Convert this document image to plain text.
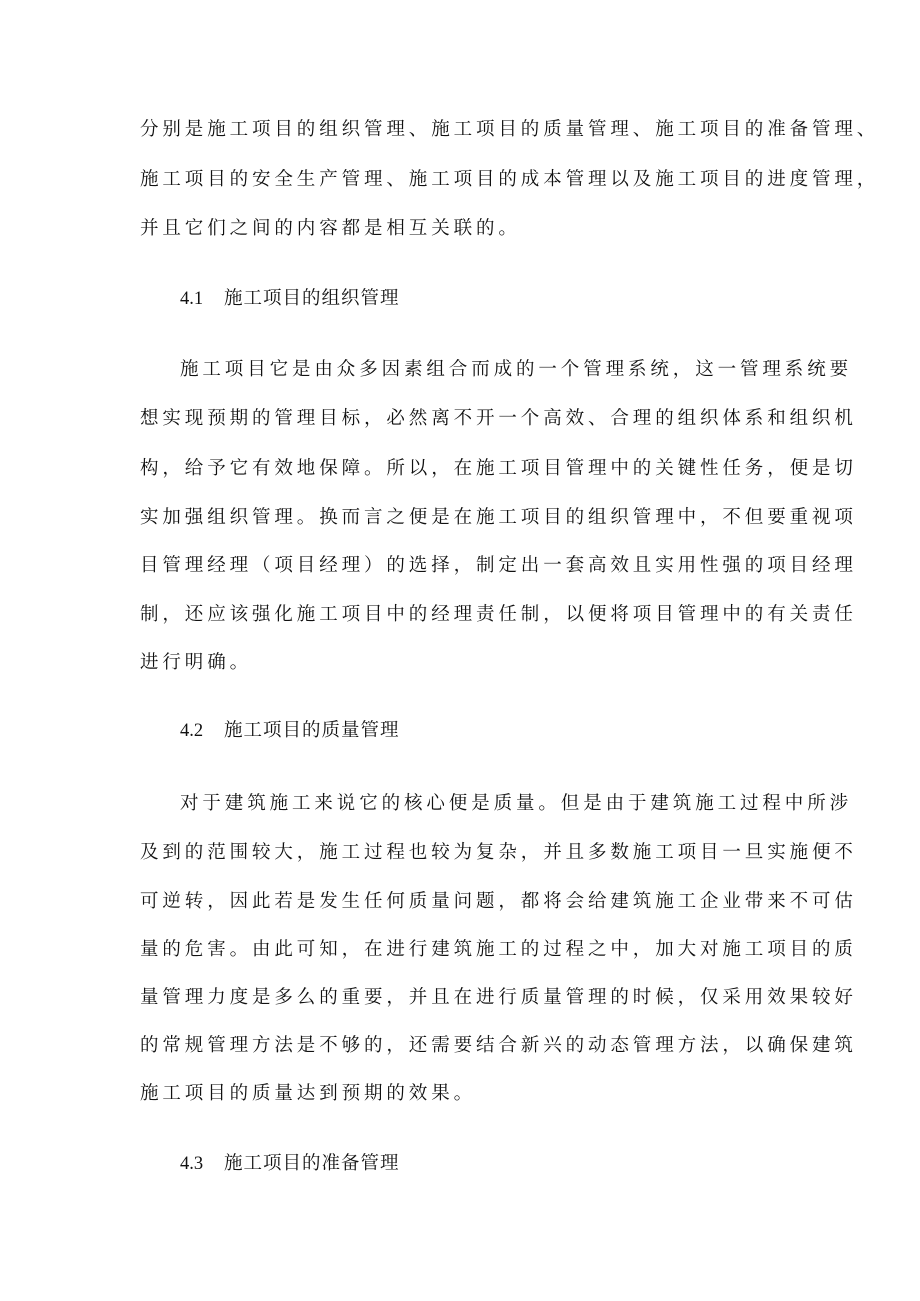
分别是施工项目的组织管理、施工项目的质量管理、施工项目的准备管理、
施工项目的安全生产管理、施工项目的成本管理以及施工项目的进度管理，
并且它们之间的内容都是相互关联的。
4.1 施工项目的组织管理
施工项目它是由众多因素组合而成的一个管理系统，这一管理系统要
想实现预期的管理目标，必然离不开一个高效、合理的组织体系和组织机
构，给予它有效地保障。所以，在施工项目管理中的关键性任务，便是切
实加强组织管理。换而言之便是在施工项目的组织管理中，不但要重视项
目管理经理（项目经理）的选择，制定出一套高效且实用性强的项目经理
制，还应该强化施工项目中的经理责任制，以便将项目管理中的有关责任
进行明确。
4.2 施工项目的质量管理
对于建筑施工来说它的核心便是质量。但是由于建筑施工过程中所涉
及到的范围较大，施工过程也较为复杂，并且多数施工项目一旦实施便不
可逆转，因此若是发生任何质量问题，都将会给建筑施工企业带来不可估
量的危害。由此可知，在进行建筑施工的过程之中，加大对施工项目的质
量管理力度是多么的重要，并且在进行质量管理的时候，仅采用效果较好
的常规管理方法是不够的，还需要结合新兴的动态管理方法，以确保建筑
施工项目的质量达到预期的效果。
4.3 施工项目的准备管理
